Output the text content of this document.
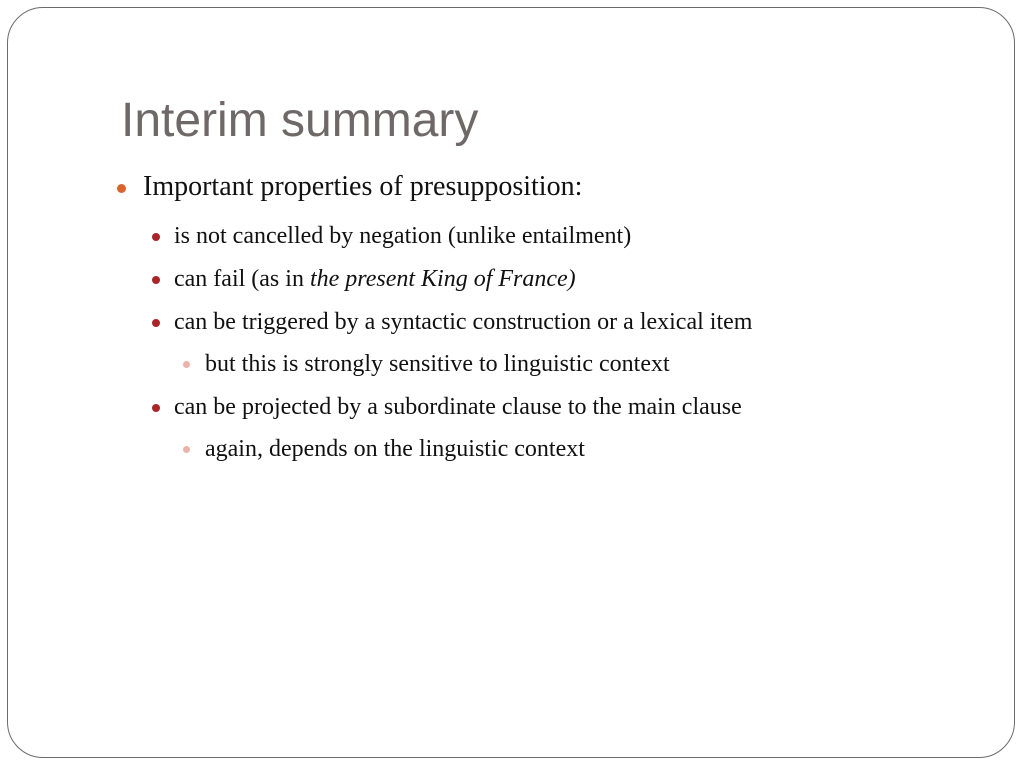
Interim summary
Important properties of presupposition:
is not cancelled by negation (unlike entailment)
can fail (as in the present King of France)
can be triggered by a syntactic construction or a lexical item
but this is strongly sensitive to linguistic context
can be projected by a subordinate clause to the main clause
again, depends on the linguistic context
